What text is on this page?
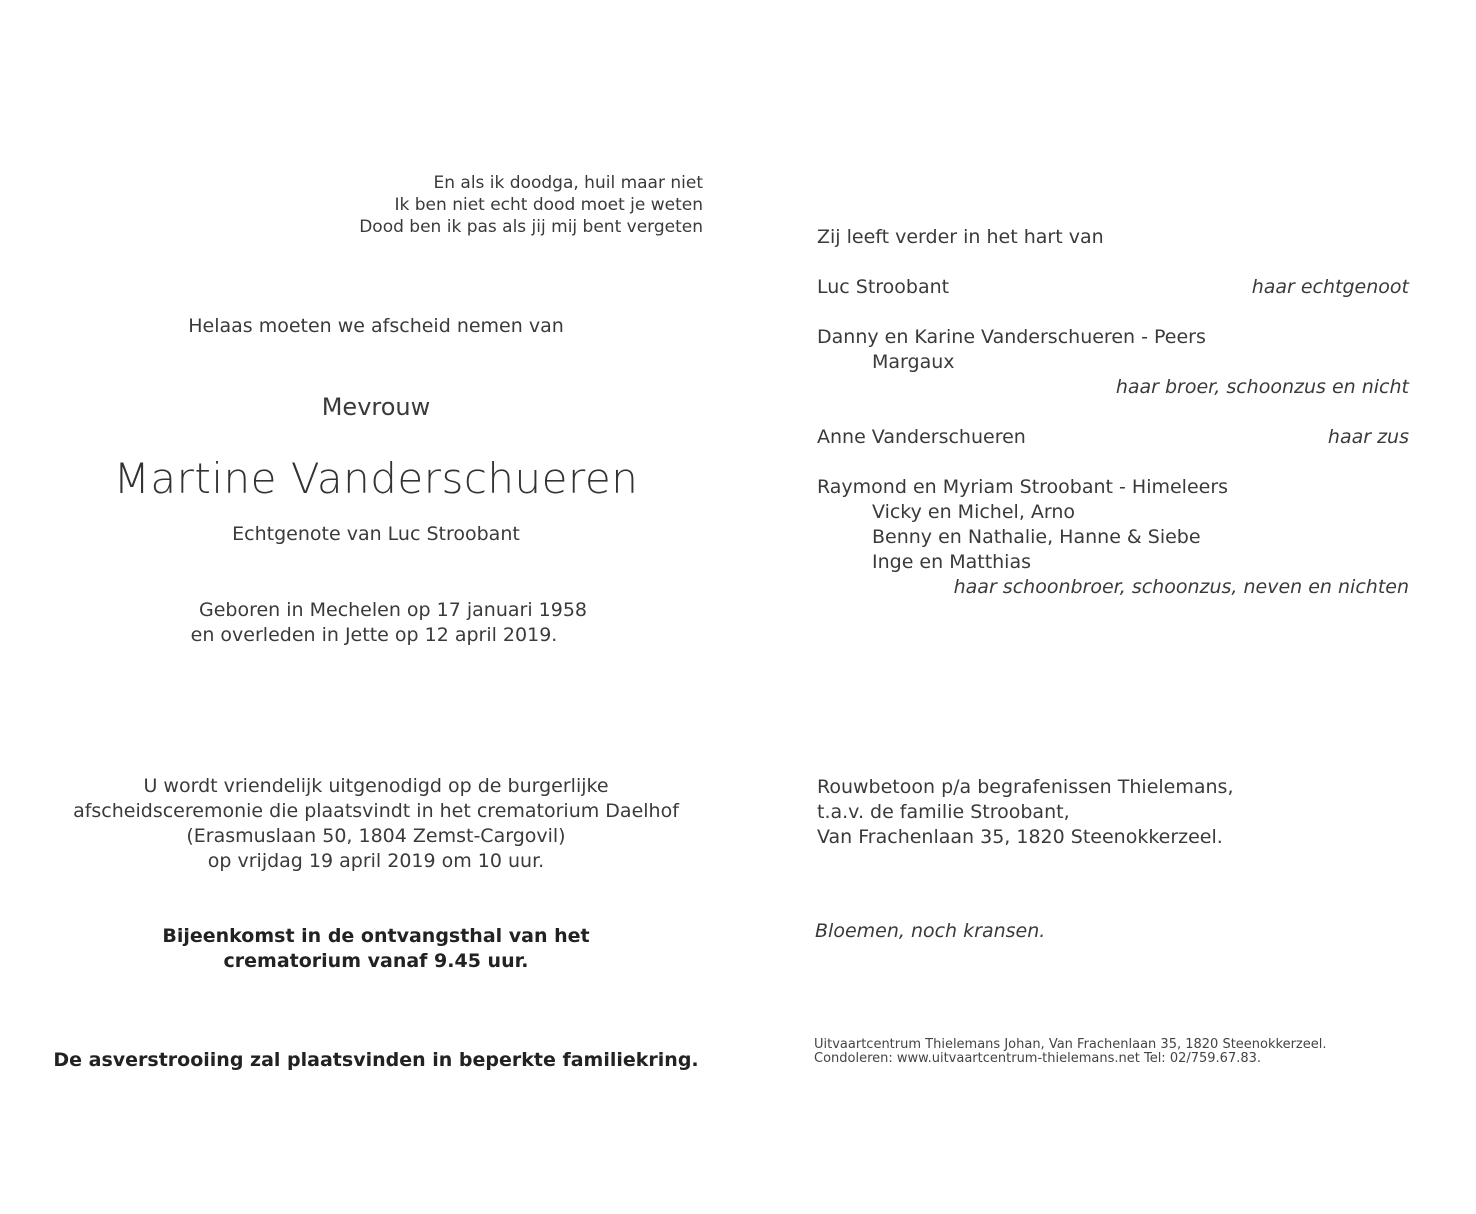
En als ik doodga, huil maar niet
Ik ben niet echt dood moet je weten
Dood ben ik pas als jij mij bent vergeten
Helaas moeten we afscheid nemen van
Mevrouw
Martine Vanderschueren
Echtgenote van Luc Stroobant
Geboren in Mechelen op 17 januari 1958
en overleden in Jette op 12 april 2019.
U wordt vriendelijk uitgenodigd op de burgerlijke
afscheidsceremonie die plaatsvindt in het crematorium Daelhof
(Erasmuslaan 50, 1804 Zemst-Cargovil)
op vrijdag 19 april 2019 om 10 uur.
Bijeenkomst in de ontvangsthal van het
crematorium vanaf 9.45 uur.
De asverstrooiing zal plaatsvinden in beperkte familiekring.
Zij leeft verder in het hart van
Luc Stroobant	haar echtgenoot
Danny en Karine Vanderschueren - Peers
Margaux
haar broer, schoonzus en nicht
Anne Vanderschueren	haar zus
Raymond en Myriam Stroobant - Himeleers
Vicky en Michel, Arno
Benny en Nathalie, Hanne & Siebe
Inge en Matthias
haar schoonbroer, schoonzus, neven en nichten
Rouwbetoon p/a begrafenissen Thielemans,
t.a.v. de familie Stroobant,
Van Frachenlaan 35, 1820 Steenokkerzeel.
Bloemen, noch kransen.
Uitvaartcentrum Thielemans Johan, Van Frachenlaan 35, 1820 Steenokkerzeel.
Condoleren: www.uitvaartcentrum-thielemans.net Tel: 02/759.67.83.
